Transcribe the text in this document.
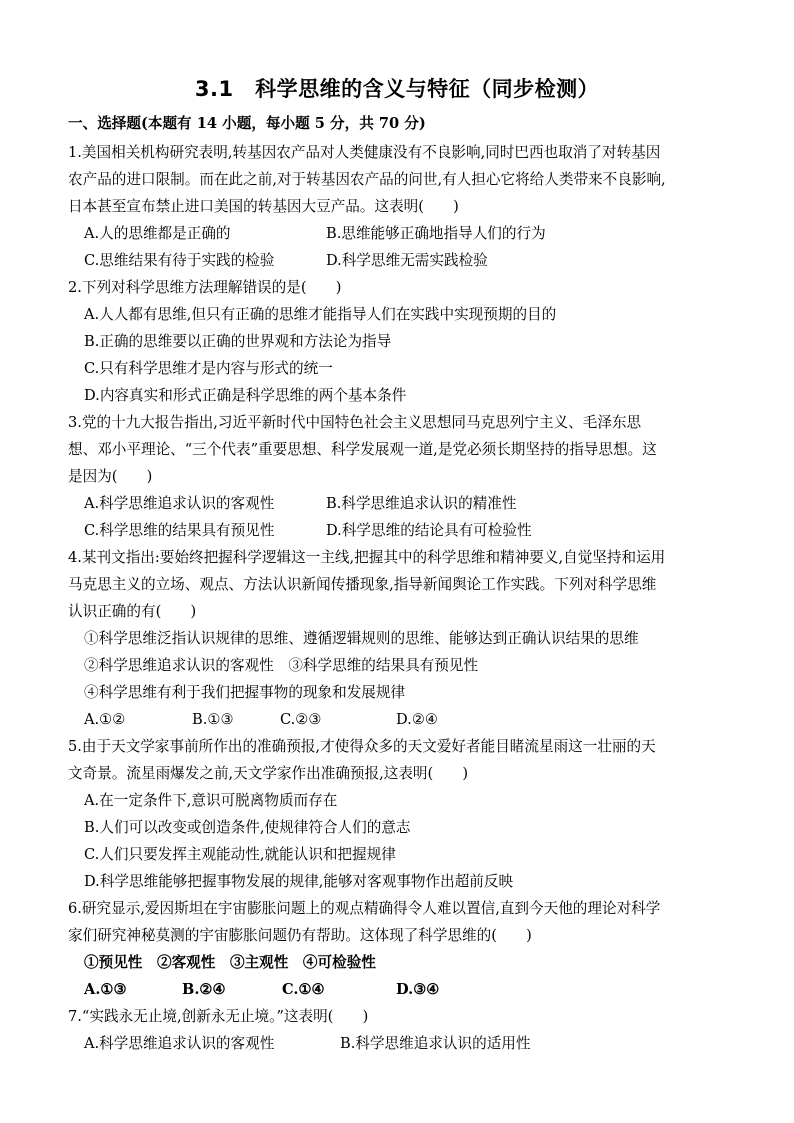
3.1　科学思维的含义与特征（同步检测）
一、选择题(本题有 14 小题，每小题 5 分，共 70 分)
1.美国相关机构研究表明,转基因农产品对人类健康没有不良影响,同时巴西也取消了对转基因
农产品的进口限制。而在此之前,对于转基因农产品的问世,有人担心它将给人类带来不良影响,
日本甚至宣布禁止进口美国的转基因大豆产品。这表明(　　)
A.人的思维都是正确的	B.思维能够正确地指导人们的行为
C.思维结果有待于实践的检验	D.科学思维无需实践检验
2.下列对科学思维方法理解错误的是(　　)
A.人人都有思维,但只有正确的思维才能指导人们在实践中实现预期的目的
B.正确的思维要以正确的世界观和方法论为指导
C.只有科学思维才是内容与形式的统一
D.内容真实和形式正确是科学思维的两个基本条件
3.党的十九大报告指出,习近平新时代中国特色社会主义思想同马克思列宁主义、毛泽东思
想、邓小平理论、“三个代表”重要思想、科学发展观一道,是党必须长期坚持的指导思想。这
是因为(　　)
A.科学思维追求认识的客观性	B.科学思维追求认识的精准性
C.科学思维的结果具有预见性	D.科学思维的结论具有可检验性
4.某刊文指出:要始终把握科学逻辑这一主线,把握其中的科学思维和精神要义,自觉坚持和运用
马克思主义的立场、观点、方法认识新闻传播现象,指导新闻舆论工作实践。下列对科学思维
认识正确的有(　　)
①科学思维泛指认识规律的思维、遵循逻辑规则的思维、能够达到正确认识结果的思维
②科学思维追求认识的客观性　③科学思维的结果具有预见性
④科学思维有利于我们把握事物的现象和发展规律
A.①②	B.①③	C.②③	D.②④
5.由于天文学家事前所作出的准确预报,才使得众多的天文爱好者能目睹流星雨这一壮丽的天
文奇景。流星雨爆发之前,天文学家作出准确预报,这表明(　　)
A.在一定条件下,意识可脱离物质而存在
B.人们可以改变或创造条件,使规律符合人们的意志
C.人们只要发挥主观能动性,就能认识和把握规律
D.科学思维能够把握事物发展的规律,能够对客观事物作出超前反映
6.研究显示,爱因斯坦在宇宙膨胀问题上的观点精确得令人难以置信,直到今天他的理论对科学
家们研究神秘莫测的宇宙膨胀问题仍有帮助。这体现了科学思维的(　　)
①预见性　②客观性　③主观性　④可检验性
A.①③	B.②④	C.①④	D.③④
7.“实践永无止境,创新永无止境。”这表明(　　)
A.科学思维追求认识的客观性	B.科学思维追求认识的适用性
